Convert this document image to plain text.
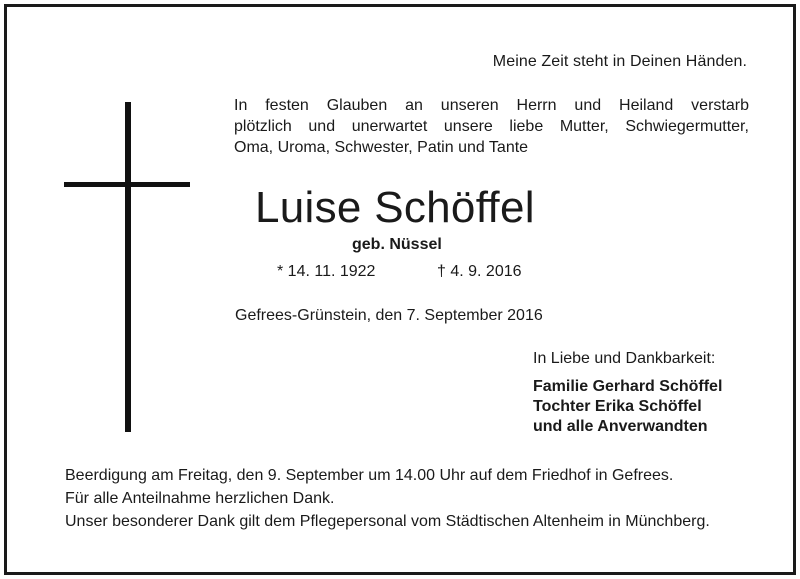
Meine Zeit steht in Deinen Händen.
In festen Glauben an unseren Herrn und Heiland verstarb
plötzlich und unerwartet unsere liebe Mutter, Schwiegermutter,
Oma, Uroma, Schwester, Patin und Tante
Luise Schöffel
geb. Nüssel
* 14. 11. 1922	† 4. 9. 2016
Gefrees-Grünstein, den 7. September 2016
In Liebe und Dankbarkeit:
Familie Gerhard Schöffel
Tochter Erika Schöffel
und alle Anverwandten
Beerdigung am Freitag, den 9. September um 14.00 Uhr auf dem Friedhof in Gefrees.
Für alle Anteilnahme herzlichen Dank.
Unser besonderer Dank gilt dem Pflegepersonal vom Städtischen Altenheim in Münchberg.
